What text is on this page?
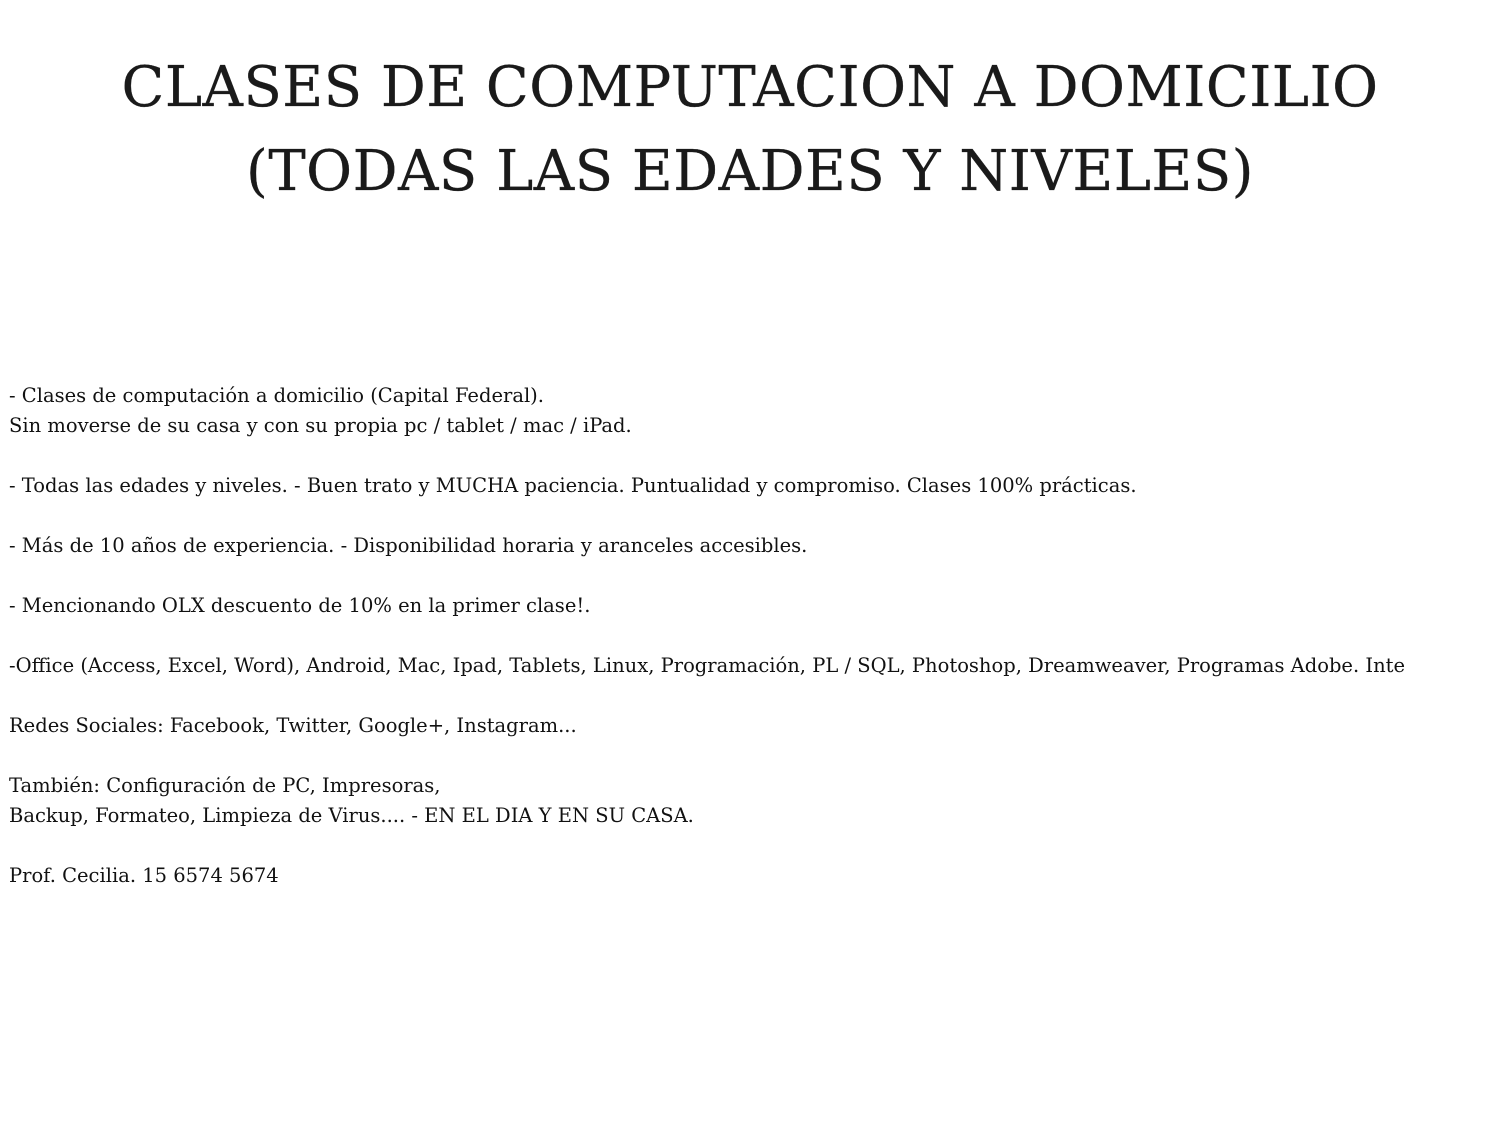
CLASES DE COMPUTACION A DOMICILIO
(TODAS LAS EDADES Y NIVELES)
- Clases de computación a domicilio (Capital Federal).
Sin moverse de su casa y con su propia pc / tablet / mac / iPad.
- Todas las edades y niveles. - Buen trato y MUCHA paciencia. Puntualidad y compromiso. Clases 100% prácticas.
- Más de 10 años de experiencia. - Disponibilidad horaria y aranceles accesibles.
- Mencionando OLX descuento de 10% en la primer clase!.
-Office (Access, Excel, Word), Android, Mac, Ipad, Tablets, Linux, Programación, PL / SQL, Photoshop, Dreamweaver, Programas Adobe. Inte
Redes Sociales: Facebook, Twitter, Google+, Instagram...
También: Configuración de PC, Impresoras,
Backup, Formateo, Limpieza de Virus.... - EN EL DIA Y EN SU CASA.
Prof. Cecilia. 15 6574 5674
